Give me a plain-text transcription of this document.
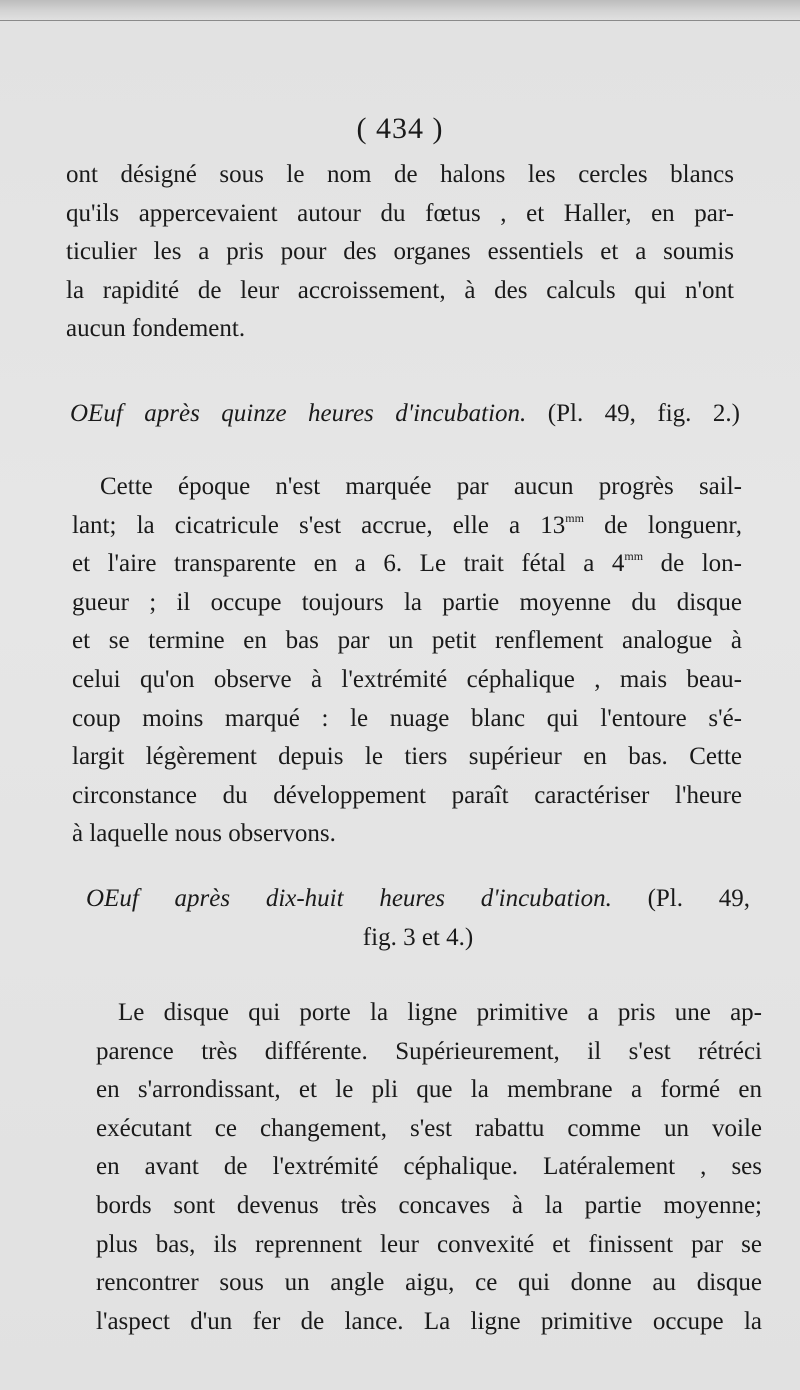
( 434 )

ont désigné sous le nom de halons les cercles blancs
qu'ils appercevaient autour du fœtus , et Haller, en par-
ticulier les a pris pour des organes essentiels et a soumis
la rapidité de leur accroissement, à des calculs qui n'ont
aucun fondement.

OEuf après quinze heures d'incubation. (Pl. 49, fig. 2.)

Cette époque n'est marquée par aucun progrès sail-
lant; la cicatricule s'est accrue, elle a $13^{mm}$ de longuenr,
et l'aire transparente en a 6. Le trait fétal a $4^{mm}$ de lon-
gueur ; il occupe toujours la partie moyenne du disque
et se termine en bas par un petit renflement analogue à
celui qu'on observe à l'extrémité céphalique , mais beau-
coup moins marqué : le nuage blanc qui l'entoure s'é-
largit légèrement depuis le tiers supérieur en bas. Cette
circonstance du développement paraît caractériser l'heure
à laquelle nous observons.

OEuf après dix-huit heures d'incubation. (Pl. 49,
fig. 3 et 4.)

Le disque qui porte la ligne primitive a pris une ap-
parence très différente. Supérieurement, il s'est rétréci
en s'arrondissant, et le pli que la membrane a formé en
exécutant ce changement, s'est rabattu comme un voile
en avant de l'extrémité céphalique. Latéralement , ses
bords sont devenus très concaves à la partie moyenne;
plus bas, ils reprennent leur convexité et finissent par se
rencontrer sous un angle aigu, ce qui donne au disque
l'aspect d'un fer de lance. La ligne primitive occupe la
